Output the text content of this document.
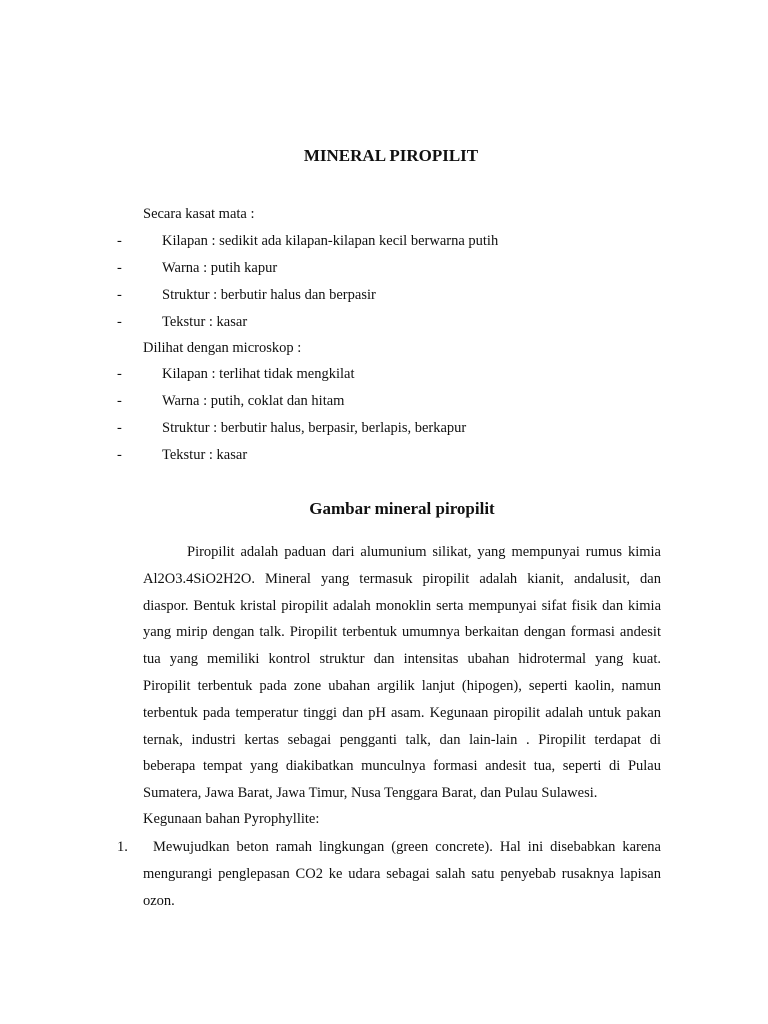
MINERAL PIROPILIT
Secara kasat mata :
-	Kilapan : sedikit ada kilapan-kilapan kecil berwarna putih
-	Warna : putih kapur
-	Struktur : berbutir halus dan berpasir
-	Tekstur : kasar
Dilihat dengan microskop :
-	Kilapan : terlihat tidak mengkilat
-	Warna : putih, coklat dan hitam
-	Struktur : berbutir halus, berpasir, berlapis, berkapur
-	Tekstur : kasar
Gambar mineral piropilit
Piropilit adalah paduan dari alumunium silikat, yang mempunyai rumus kimia
Al2O3.4SiO2H2O. Mineral yang termasuk piropilit adalah kianit, andalusit, dan
diaspor. Bentuk kristal piropilit adalah monoklin serta mempunyai sifat fisik dan kimia
yang mirip dengan talk. Piropilit terbentuk umumnya berkaitan dengan formasi andesit
tua yang memiliki kontrol struktur dan intensitas ubahan hidrotermal yang kuat.
Piropilit terbentuk pada zone ubahan argilik lanjut (hipogen), seperti kaolin, namun
terbentuk pada temperatur tinggi dan pH asam. Kegunaan piropilit adalah untuk pakan
ternak, industri kertas sebagai pengganti talk, dan lain-lain . Piropilit terdapat di
beberapa tempat yang diakibatkan munculnya formasi andesit tua, seperti di Pulau
Sumatera, Jawa Barat, Jawa Timur, Nusa Tenggara Barat, dan Pulau Sulawesi.
Kegunaan bahan Pyrophyllite:
1.	Mewujudkan beton ramah lingkungan (green concrete). Hal ini disebabkan karena
mengurangi penglepasan CO2 ke udara sebagai salah satu penyebab rusaknya lapisan
ozon.
